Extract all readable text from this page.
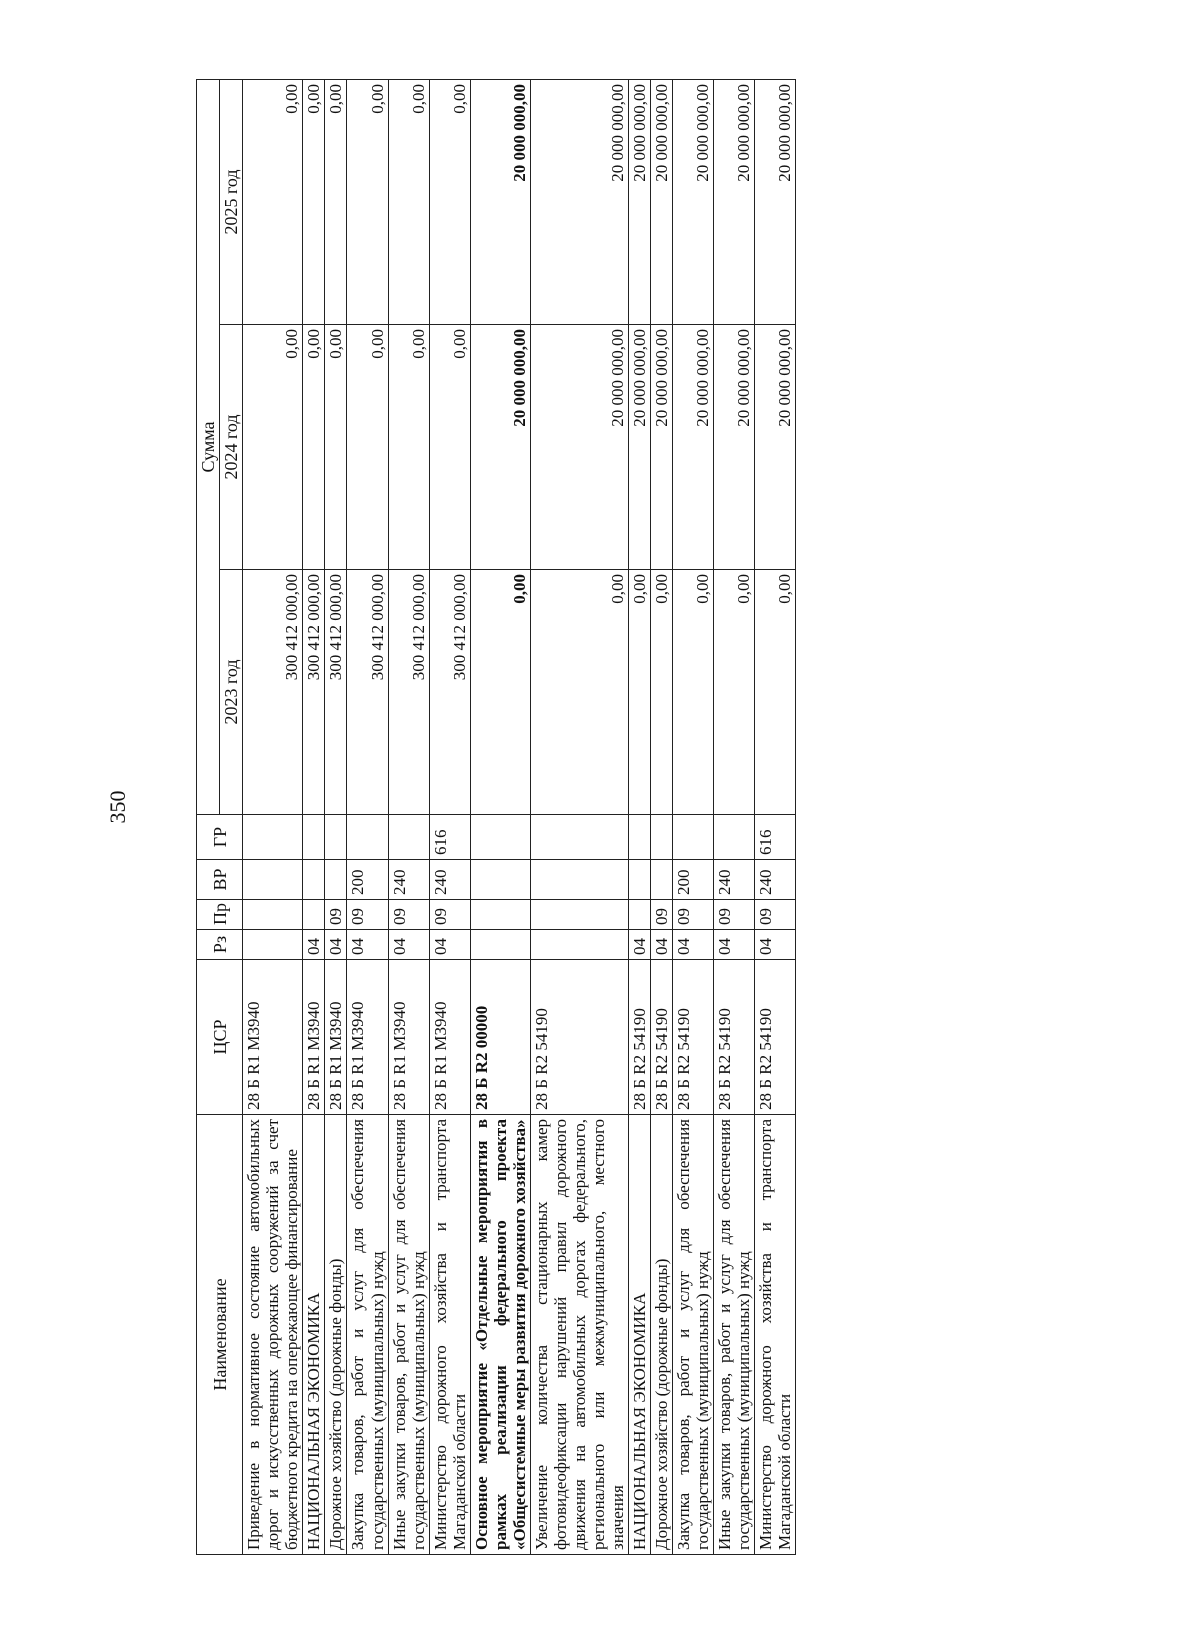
350
Наименование	ЦСР	Рз	Пр	ВР	ГР	Сумма		
						2023 год	2024 год	2025 год
Приведение в нормативное состояние автомобильных дорог и искусственных дорожных сооружений за счет бюджетного кредита на опережающее финансирование	28 Б R1 М3940					300 412 000,00	0,00	0,00
НАЦИОНАЛЬНАЯ ЭКОНОМИКА	28 Б R1 М3940	04				300 412 000,00	0,00	0,00
Дорожное хозяйство (дорожные фонды)	28 Б R1 М3940	04	09			300 412 000,00	0,00	0,00
Закупка товаров, работ и услуг для обеспечения государственных (муниципальных) нужд	28 Б R1 М3940	04	09	200		300 412 000,00	0,00	0,00
Иные закупки товаров, работ и услуг для обеспечения государственных (муниципальных) нужд	28 Б R1 М3940	04	09	240		300 412 000,00	0,00	0,00
Министерство дорожного хозяйства и транспорта Магаданской области	28 Б R1 М3940	04	09	240	616	300 412 000,00	0,00	0,00
Основное мероприятие «Отдельные мероприятия в рамках реализации федерального проекта «Общесистемные меры развития дорожного хозяйства»	28 Б R2 00000					0,00	20 000 000,00	20 000 000,00
Увеличение количества стационарных камер фотовидеофиксации нарушений правил дорожного движения на автомобильных дорогах федерального, регионального или межмуниципального, местного значения	28 Б R2 54190					0,00	20 000 000,00	20 000 000,00
НАЦИОНАЛЬНАЯ ЭКОНОМИКА	28 Б R2 54190	04				0,00	20 000 000,00	20 000 000,00
Дорожное хозяйство (дорожные фонды)	28 Б R2 54190	04	09			0,00	20 000 000,00	20 000 000,00
Закупка товаров, работ и услуг для обеспечения государственных (муниципальных) нужд	28 Б R2 54190	04	09	200		0,00	20 000 000,00	20 000 000,00
Иные закупки товаров, работ и услуг для обеспечения государственных (муниципальных) нужд	28 Б R2 54190	04	09	240		0,00	20 000 000,00	20 000 000,00
Министерство дорожного хозяйства и транспорта Магаданской области	28 Б R2 54190	04	09	240	616	0,00	20 000 000,00	20 000 000,00
